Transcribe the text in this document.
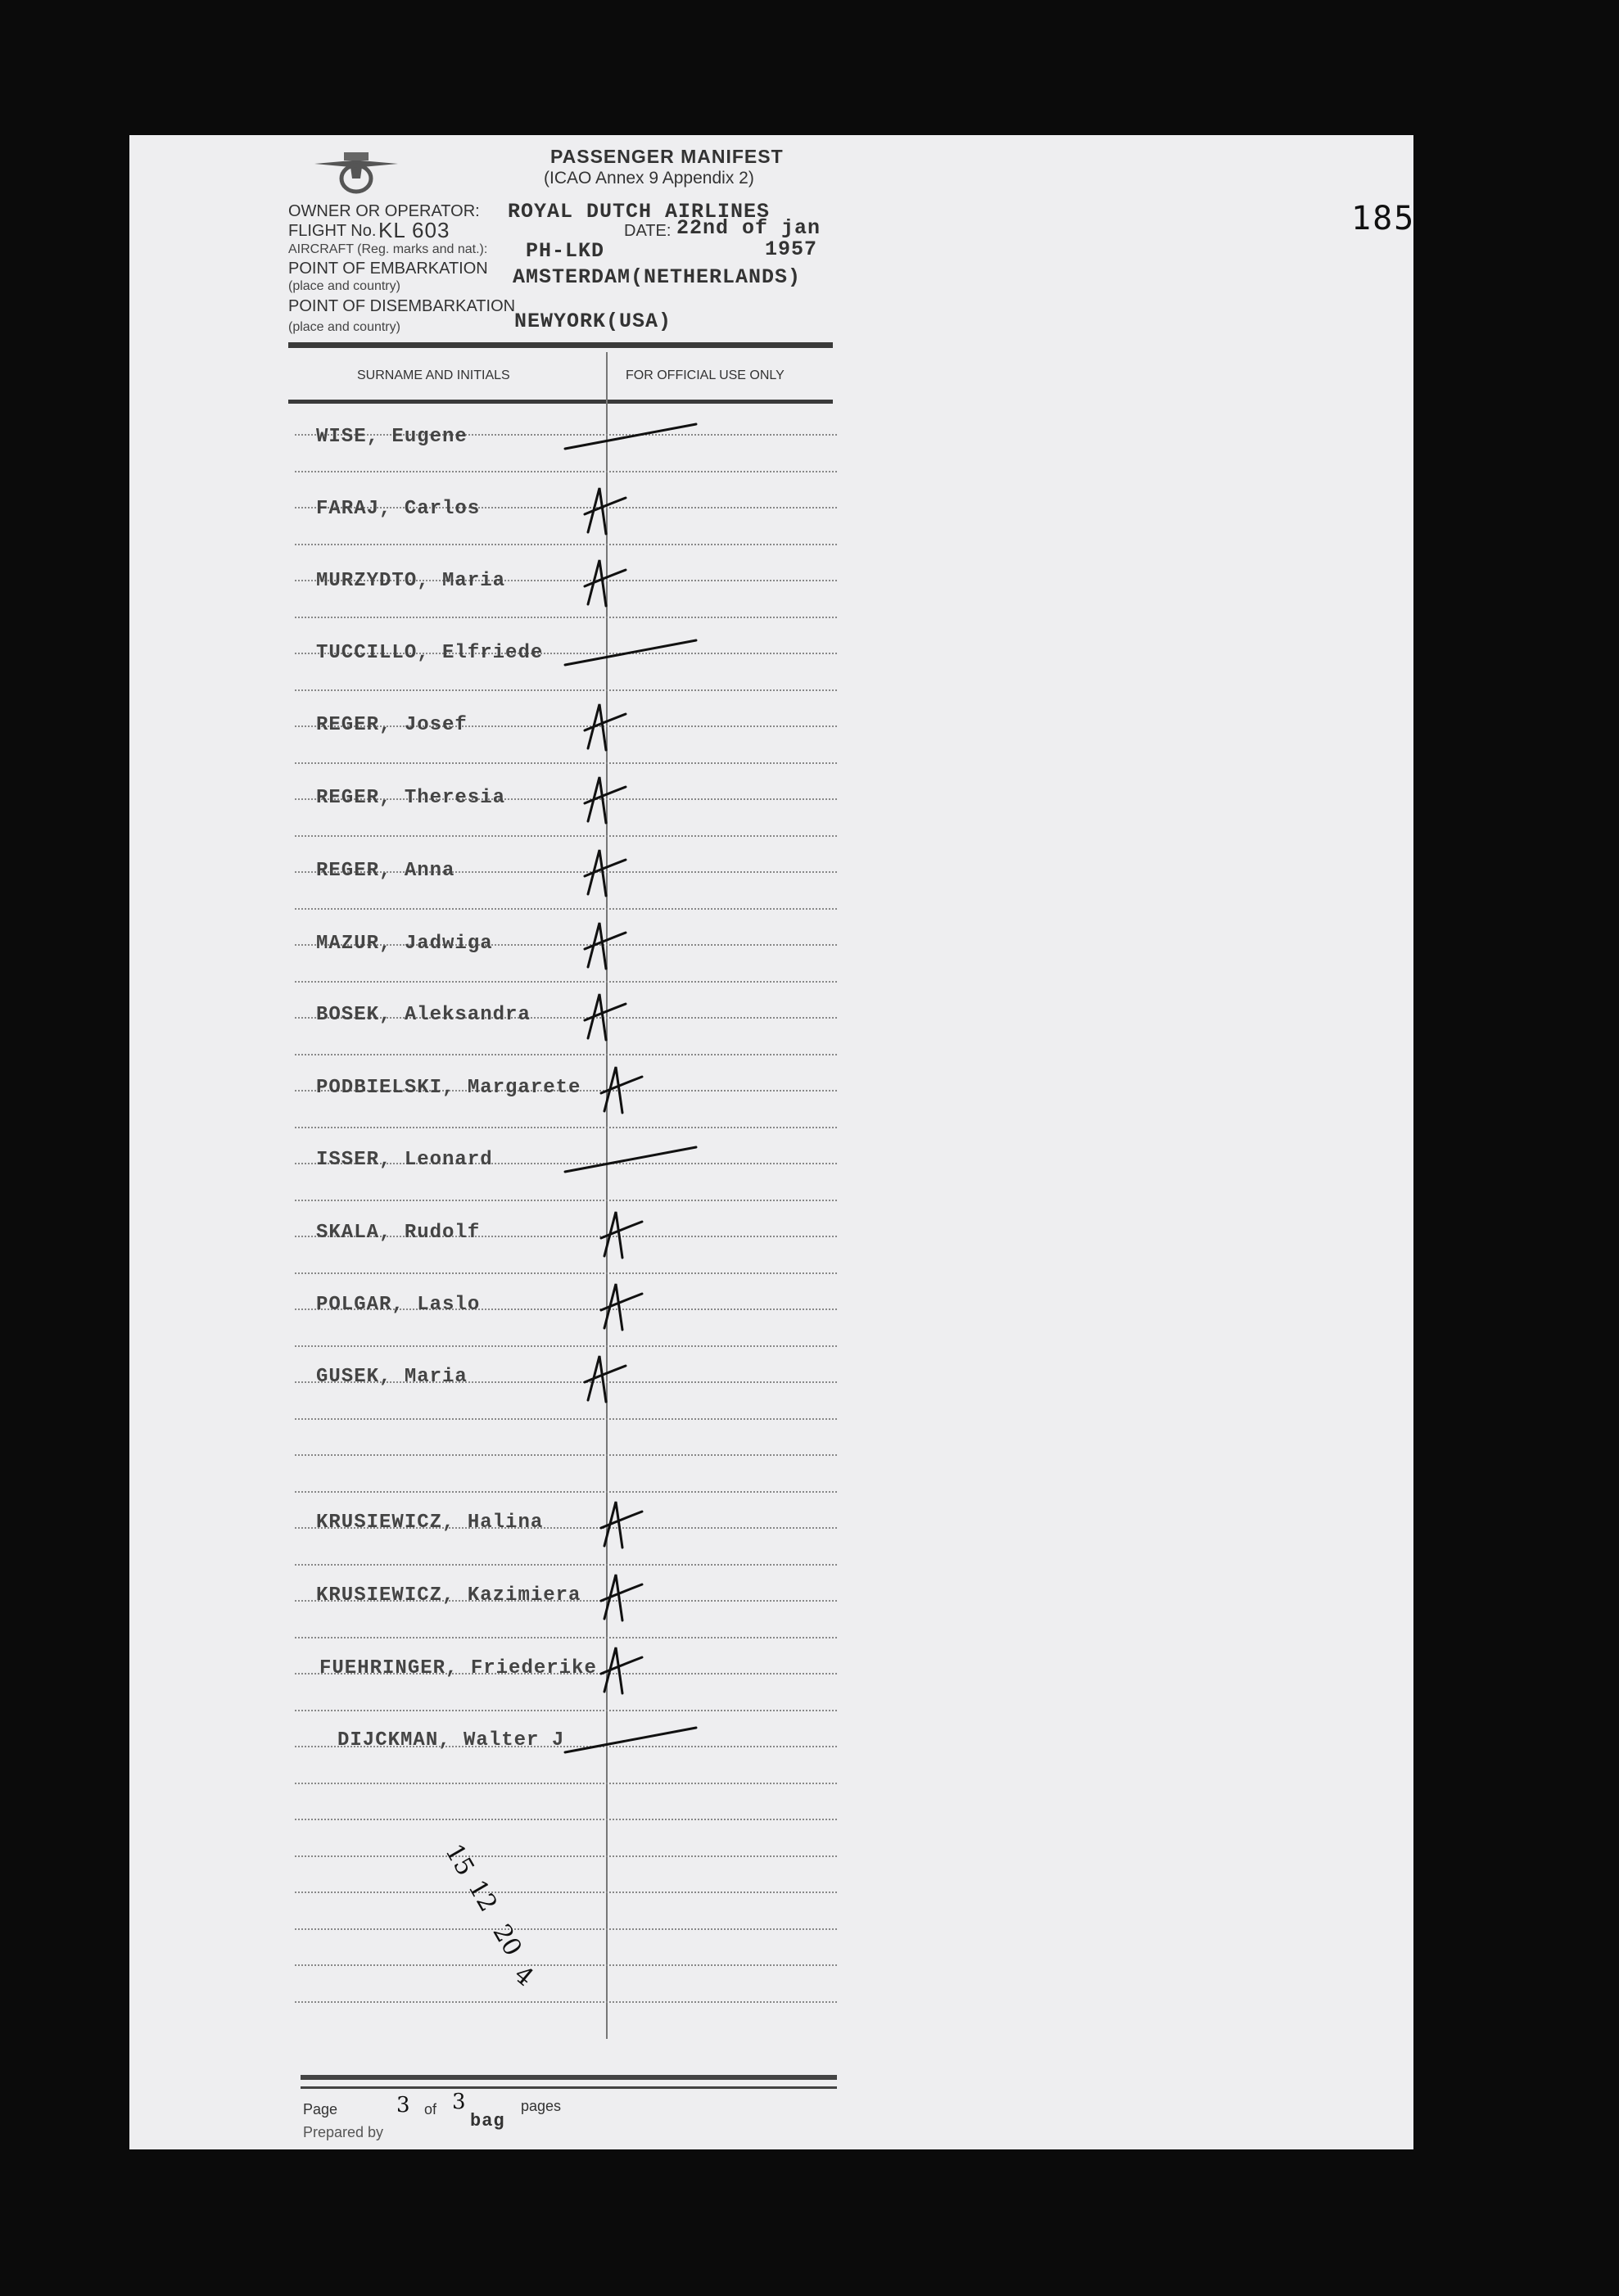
185
PASSENGER MANIFEST
(ICAO Annex 9 Appendix 2)
OWNER OR OPERATOR: ROYAL DUTCH AIRLINES
FLIGHT No. KL 603	DATE: 22nd of jan
AIRCRAFT (Reg. marks and nat.): PH-LKD	1957
POINT OF EMBARKATION AMSTERDAM(NETHERLANDS)
(place and country)
POINT OF DISEMBARKATION
NEWYORK(USA)
(place and country)
SURNAME AND INITIALS	FOR OFFICIAL USE ONLY
WISE, Eugene
FARAJ, Carlos
MURZYDTO, Maria
TUCCILLO, Elfriede
REGER, Josef
REGER, Theresia
REGER, Anna
MAZUR, Jadwiga
BOSEK, Aleksandra
PODBIELSKI, Margarete
ISSER, Leonard
SKALA, Rudolf
POLGAR, Laslo
GUSEK, Maria
KRUSIEWICZ, Halina
KRUSIEWICZ, Kazimiera
FUEHRINGER, Friederike
DIJCKMAN, Walter J
Page	3 of 3	pages
Prepared by
bag
15
12
20
4
